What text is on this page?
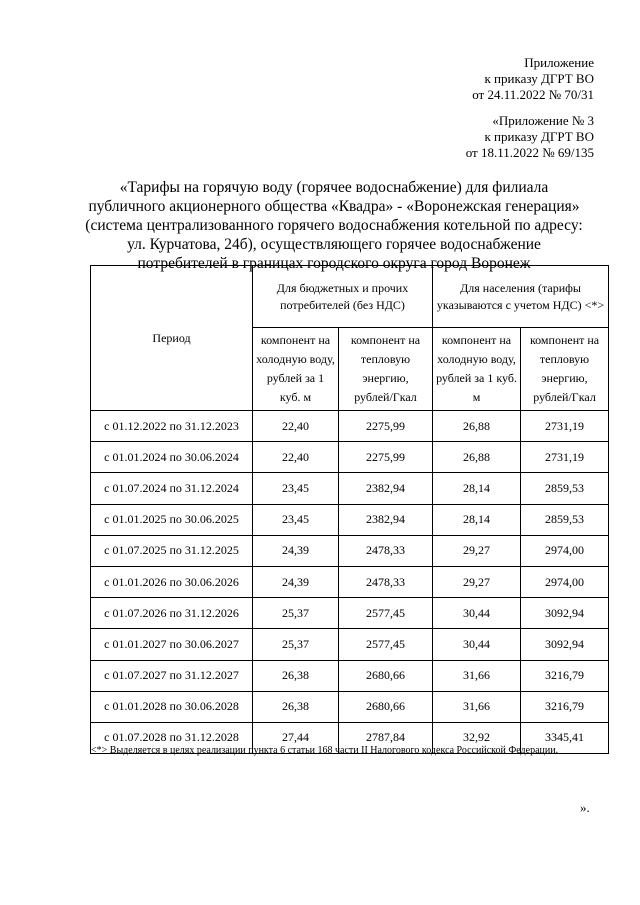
Приложение
к приказу ДГРТ ВО
от 24.11.2022 № 70/31
«Приложение № 3
к приказу ДГРТ ВО
от 18.11.2022 № 69/135
«Тарифы на горячую воду (горячее водоснабжение) для филиала публичного акционерного общества «Квадра» - «Воронежская генерация» (система централизованного горячего водоснабжения котельной по адресу: ул. Курчатова, 24б), осуществляющего горячее водоснабжение потребителей в границах городского округа город Воронеж
Период	Для бюджетных и прочих потребителей (без НДС)		Для населения (тарифы указываются с учетом НДС) <*>	
	компонент на холодную воду, рублей за 1 куб. м	компонент на тепловую энергию, рублей/Гкал	компонент на холодную воду, рублей за 1 куб. м	компонент на тепловую энергию, рублей/Гкал
с 01.12.2022 по 31.12.2023	22,40	2275,99	26,88	2731,19
с 01.01.2024 по 30.06.2024	22,40	2275,99	26,88	2731,19
с 01.07.2024 по 31.12.2024	23,45	2382,94	28,14	2859,53
с 01.01.2025 по 30.06.2025	23,45	2382,94	28,14	2859,53
с 01.07.2025 по 31.12.2025	24,39	2478,33	29,27	2974,00
с 01.01.2026 по 30.06.2026	24,39	2478,33	29,27	2974,00
с 01.07.2026 по 31.12.2026	25,37	2577,45	30,44	3092,94
с 01.01.2027 по 30.06.2027	25,37	2577,45	30,44	3092,94
с 01.07.2027 по 31.12.2027	26,38	2680,66	31,66	3216,79
с 01.01.2028 по 30.06.2028	26,38	2680,66	31,66	3216,79
с 01.07.2028 по 31.12.2028	27,44	2787,84	32,92	3345,41
<*> Выделяется в целях реализации пункта 6 статьи 168 части II Налогового кодекса Российской Федерации.
».
